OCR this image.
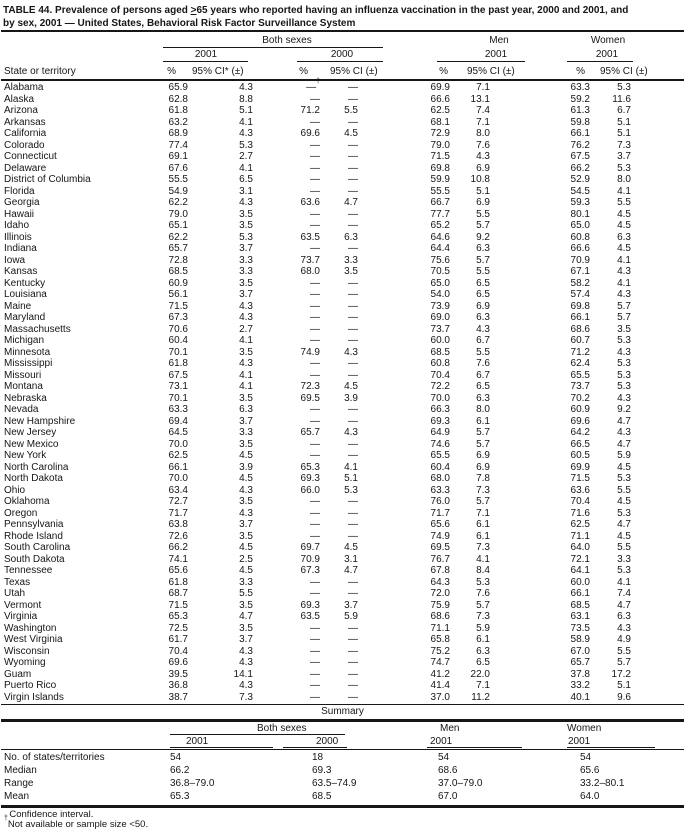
TABLE 44. Prevalence of persons aged ≥65 years who reported having an influenza vaccination in the past year, 2000 and 2001, and
by sex, 2001 — United States, Behavioral Risk Factor Surveillance System
Both sexes	Men	Women
2001	2000	2001	2001
State or territory	% 95% CI* (±)	% 95% CI (±)	% 95% CI (±)	% 95% CI (±)
Alabama	65.9	4.3	—†	—	69.9	7.1	63.3	5.3	
Alaska	62.8	8.8	—	—	66.6	13.1	59.2	11.6	
Arizona	61.8	5.1	71.2	5.5	62.5	7.4	61.3	6.7	
Arkansas	63.2	4.1	—	—	68.1	7.1	59.8	5.1	
California	68.9	4.3	69.6	4.5	72.9	8.0	66.1	5.1	
Colorado	77.4	5.3	—	—	79.0	7.6	76.2	7.3	
Connecticut	69.1	2.7	—	—	71.5	4.3	67.5	3.7	
Delaware	67.6	4.1	—	—	69.8	6.9	66.2	5.3	
District of Columbia	55.5	6.5	—	—	59.9	10.8	52.9	8.0	
Florida	54.9	3.1	—	—	55.5	5.1	54.5	4.1	
Georgia	62.2	4.3	63.6	4.7	66.7	6.9	59.3	5.5	
Hawaii	79.0	3.5	—	—	77.7	5.5	80.1	4.5	
Idaho	65.1	3.5	—	—	65.2	5.7	65.0	4.5	
Illinois	62.2	5.3	63.5	6.3	64.6	9.2	60.8	6.3	
Indiana	65.7	3.7	—	—	64.4	6.3	66.6	4.5	
Iowa	72.8	3.3	73.7	3.3	75.6	5.7	70.9	4.1	
Kansas	68.5	3.3	68.0	3.5	70.5	5.5	67.1	4.3	
Kentucky	60.9	3.5	—	—	65.0	6.5	58.2	4.1	
Louisiana	56.1	3.7	—	—	54.0	6.5	57.4	4.3	
Maine	71.5	4.3	—	—	73.9	6.9	69.8	5.7	
Maryland	67.3	4.3	—	—	69.0	6.3	66.1	5.7	
Massachusetts	70.6	2.7	—	—	73.7	4.3	68.6	3.5	
Michigan	60.4	4.1	—	—	60.0	6.7	60.7	5.3	
Minnesota	70.1	3.5	74.9	4.3	68.5	5.5	71.2	4.3	
Mississippi	61.8	4.3	—	—	60.8	7.6	62.4	5.3	
Missouri	67.5	4.1	—	—	70.4	6.7	65.5	5.3	
Montana	73.1	4.1	72.3	4.5	72.2	6.5	73.7	5.3	
Nebraska	70.1	3.5	69.5	3.9	70.0	6.3	70.2	4.3	
Nevada	63.3	6.3	—	—	66.3	8.0	60.9	9.2	
New Hampshire	69.4	3.7	—	—	69.3	6.1	69.6	4.7	
New Jersey	64.5	3.3	65.7	4.3	64.9	5.7	64.2	4.3	
New Mexico	70.0	3.5	—	—	74.6	5.7	66.5	4.7	
New York	62.5	4.5	—	—	65.5	6.9	60.5	5.9	
North Carolina	66.1	3.9	65.3	4.1	60.4	6.9	69.9	4.5	
North Dakota	70.0	4.5	69.3	5.1	68.0	7.8	71.5	5.3	
Ohio	63.4	4.3	66.0	5.3	63.3	7.3	63.6	5.5	
Oklahoma	72.7	3.5	—	—	76.0	5.7	70.4	4.5	
Oregon	71.7	4.3	—	—	71.7	7.1	71.6	5.3	
Pennsylvania	63.8	3.7	—	—	65.6	6.1	62.5	4.7	
Rhode Island	72.6	3.5	—	—	74.9	6.1	71.1	4.5	
South Carolina	66.2	4.5	69.7	4.5	69.5	7.3	64.0	5.5	
South Dakota	74.1	2.5	70.9	3.1	76.7	4.1	72.1	3.3	
Tennessee	65.6	4.5	67.3	4.7	67.8	8.4	64.1	5.3	
Texas	61.8	3.3	—	—	64.3	5.3	60.0	4.1	
Utah	68.7	5.5	—	—	72.0	7.6	66.1	7.4	
Vermont	71.5	3.5	69.3	3.7	75.9	5.7	68.5	4.7	
Virginia	65.3	4.7	63.5	5.9	68.6	7.3	63.1	6.3	
Washington	72.5	3.5	—	—	71.1	5.9	73.5	4.3	
West Virginia	61.7	3.7	—	—	65.8	6.1	58.9	4.9	
Wisconsin	70.4	4.3	—	—	75.2	6.3	67.0	5.5	
Wyoming	69.6	4.3	—	—	74.7	6.5	65.7	5.7	
Guam	39.5	14.1	—	—	41.2	22.0	37.8	17.2	
Puerto Rico	36.8	4.3	—	—	41.4	7.1	33.2	5.1	
Virgin Islands	38.7	7.3	—	—	37.0	11.2	40.1	9.6	
Summary
Both sexes	Men	Women
2001	2000	2001	2001
No. of states/territories	54	18	54	54
Median	66.2	69.3	68.6	65.6
Range	36.8–79.0	63.5–74.9	37.0–79.0	33.2–80.1
Mean	65.3	68.5	67.0	64.0
* Confidence interval.
†Not available or sample size <50.
